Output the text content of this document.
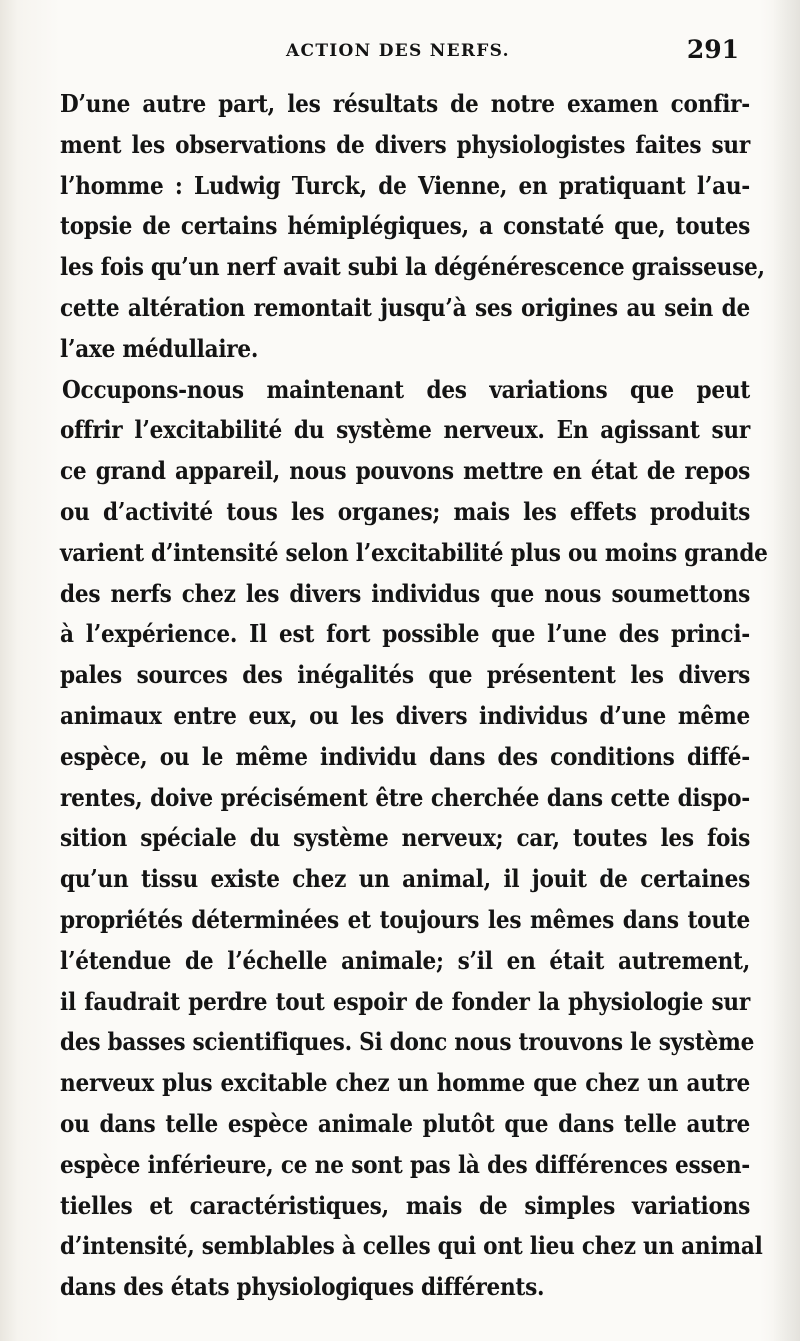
ACTION DES NERFS.	291
D’une autre part, les résultats de notre examen confir-
ment les observations de divers physiologistes faites sur
l’homme : Ludwig Turck, de Vienne, en pratiquant l’au-
topsie de certains hémiplégiques, a constaté que, toutes
les fois qu’un nerf avait subi la dégénérescence graisseuse,
cette altération remontait jusqu’à ses origines au sein de
l’axe médullaire.
Occupons-nous maintenant des variations que peut
offrir l’excitabilité du système nerveux. En agissant sur
ce grand appareil, nous pouvons mettre en état de repos
ou d’activité tous les organes; mais les effets produits
varient d’intensité selon l’excitabilité plus ou moins grande
des nerfs chez les divers individus que nous soumettons
à l’expérience. Il est fort possible que l’une des princi-
pales sources des inégalités que présentent les divers
animaux entre eux, ou les divers individus d’une même
espèce, ou le même individu dans des conditions diffé-
rentes, doive précisément être cherchée dans cette dispo-
sition spéciale du système nerveux; car, toutes les fois
qu’un tissu existe chez un animal, il jouit de certaines
propriétés déterminées et toujours les mêmes dans toute
l’étendue de l’échelle animale; s’il en était autrement,
il faudrait perdre tout espoir de fonder la physiologie sur
des basses scientifiques. Si donc nous trouvons le système
nerveux plus excitable chez un homme que chez un autre
ou dans telle espèce animale plutôt que dans telle autre
espèce inférieure, ce ne sont pas là des différences essen-
tielles et caractéristiques, mais de simples variations
d’intensité, semblables à celles qui ont lieu chez un animal
dans des états physiologiques différents.
